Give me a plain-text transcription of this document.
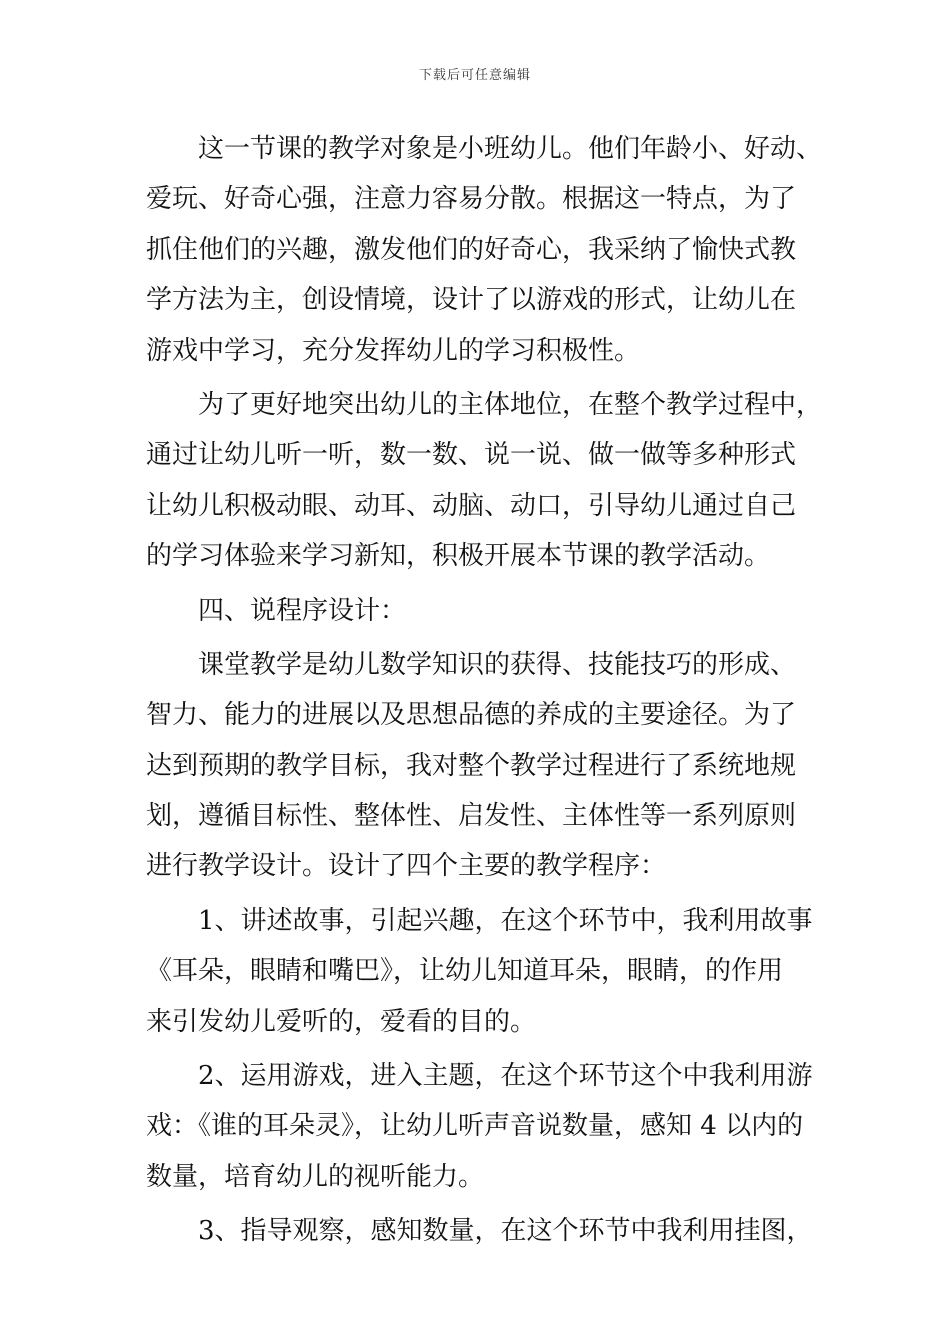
下载后可任意编辑
这一节课的教学对象是小班幼儿。他们年龄小、好动、
爱玩、好奇心强，注意力容易分散。根据这一特点，为了
抓住他们的兴趣，激发他们的好奇心，我采纳了愉快式教
学方法为主，创设情境，设计了以游戏的形式，让幼儿在
游戏中学习，充分发挥幼儿的学习积极性。
为了更好地突出幼儿的主体地位，在整个教学过程中，
通过让幼儿听一听，数一数、说一说、做一做等多种形式
让幼儿积极动眼、动耳、动脑、动口，引导幼儿通过自己
的学习体验来学习新知，积极开展本节课的教学活动。
四、说程序设计：
课堂教学是幼儿数学知识的获得、技能技巧的形成、
智力、能力的进展以及思想品德的养成的主要途径。为了
达到预期的教学目标，我对整个教学过程进行了系统地规
划，遵循目标性、整体性、启发性、主体性等一系列原则
进行教学设计。设计了四个主要的教学程序：
1、讲述故事，引起兴趣，在这个环节中，我利用故事
《耳朵，眼睛和嘴巴》，让幼儿知道耳朵，眼睛，的作用
来引发幼儿爱听的，爱看的目的。
2、运用游戏，进入主题，在这个环节这个中我利用游
戏：《谁的耳朵灵》，让幼儿听声音说数量，感知 4 以内的
数量，培育幼儿的视听能力。
3、指导观察，感知数量，在这个环节中我利用挂图，
